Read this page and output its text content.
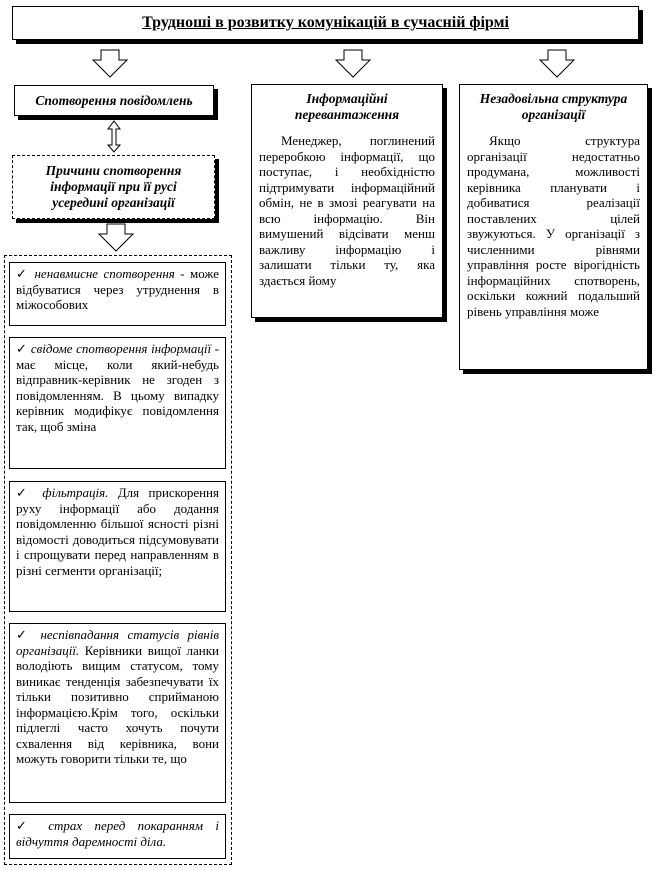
Трудноші в розвитку комунікацій в сучасній фірмі
Спотворення повідомлень
Причини спотворення інформації при її русі усередині організації
✓ ненавмисне спотворення - може відбуватися через утруднення в міжособових
✓ свідоме спотворення інформації - має місце, коли який-небудь відправник-керівник не згоден з повідомленням. В цьому випадку керівник модифікує повідомлення так, щоб зміна
✓ фільтрація. Для прискорення руху інформації або додання повідомленню більшої ясності різні відомості доводиться підсумовувати і спрощувати перед направленням в різні сегменти організації;
✓ неспівпадання статусів рівнів організації. Керівники вищої ланки володіють вищим статусом, тому виникає тенденція забезпечувати їх тільки позитивно сприйманою інформацією.Крім того, оскільки підлеглі часто хочуть почути схвалення від керівника, вони можуть говорити тільки те, що
✓ страх перед покаранням і відчуття даремності діла.
Інформаційні перевантаження
Менеджер, поглинений переробкою інформації, що поступає, і необхідністю підтримувати інформаційний обмін, не в змозі реагувати на всю інформацію. Він вимушений відсівати менш важливу інформацію і залишати тільки ту, яка здається йому
Незадовільна структура організації
Якщо структура організації недостатньо продумана, можливості керівника планувати і добиватися реалізації поставлених цілей звужуються. У організації з численними рівнями управління росте вірогідність інформаційних спотворень, оскільки кожний подальший рівень управління може
